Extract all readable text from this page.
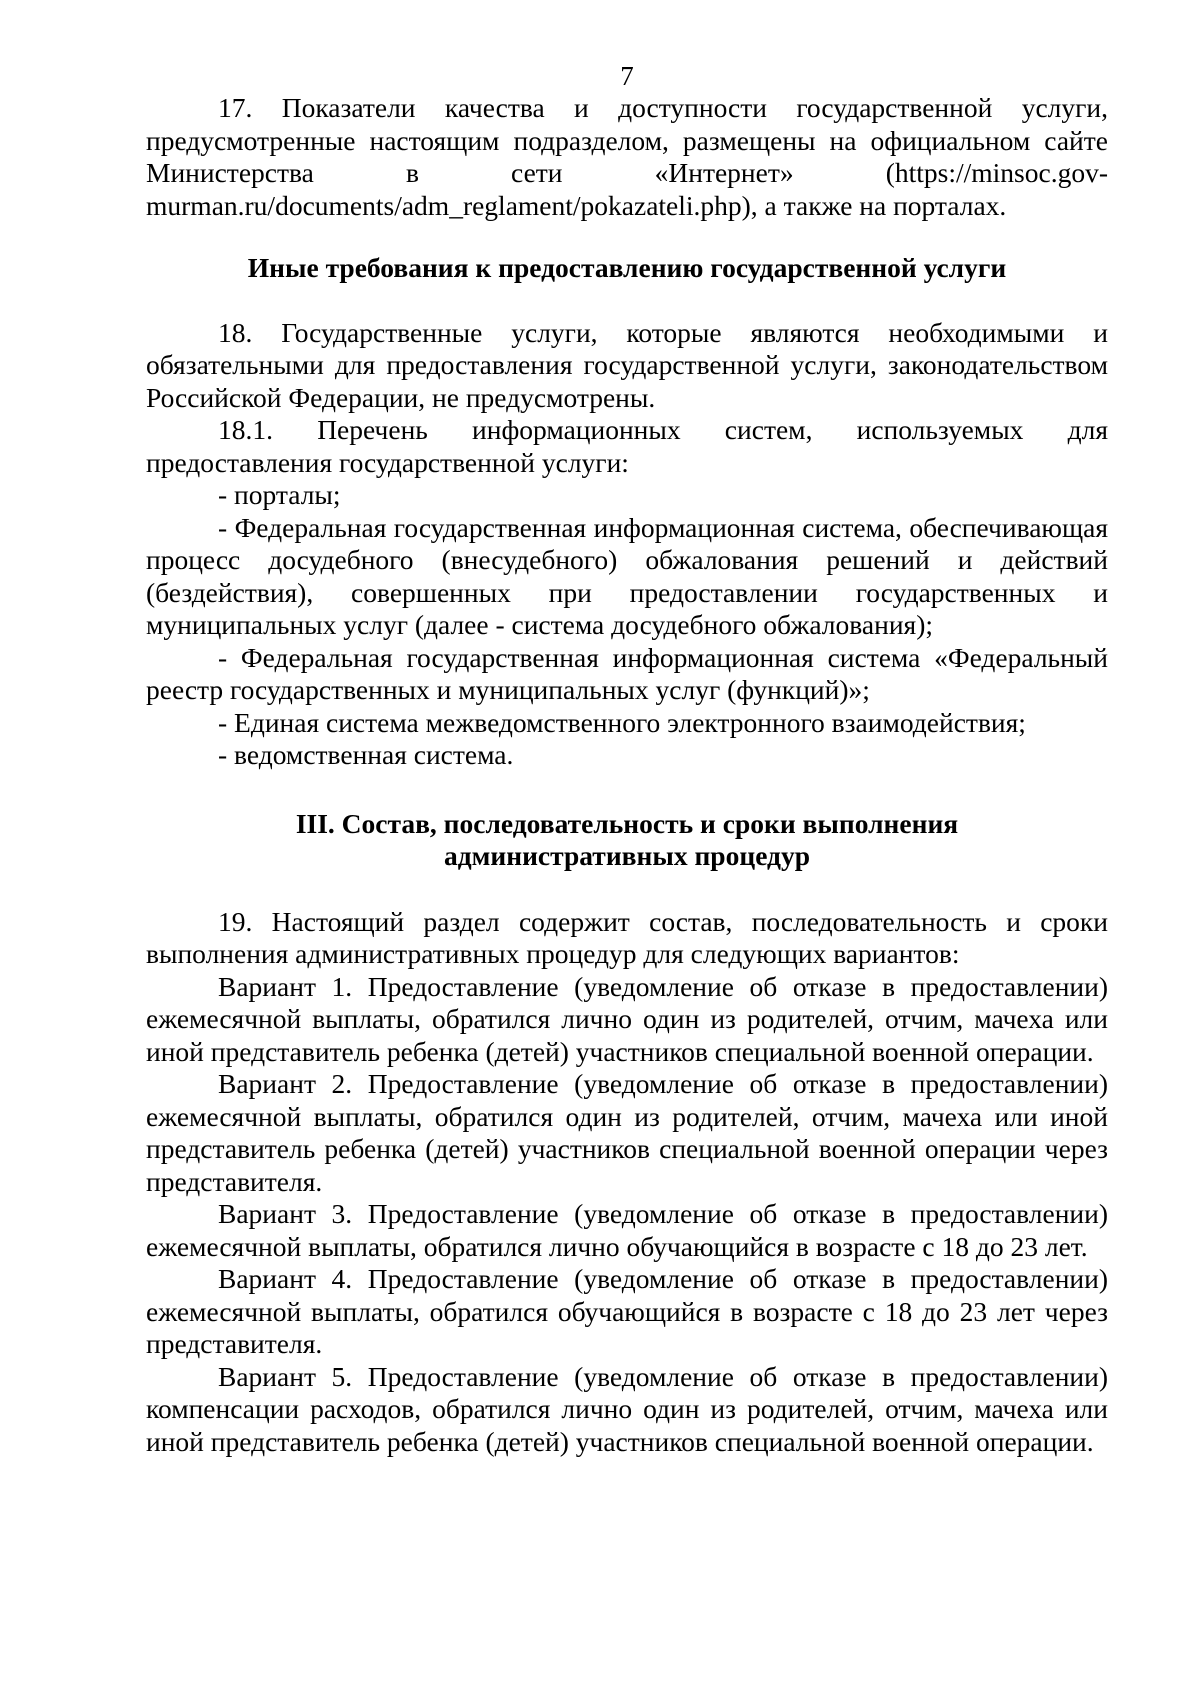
7

17. Показатели качества и доступности государственной услуги, предусмотренные настоящим подразделом, размещены на официальном сайте Министерства в сети «Интернет» (https://minsoc.gov-murman.ru/documents/adm_reglament/pokazateli.php), а также на порталах.

Иные требования к предоставлению государственной услуги

18. Государственные услуги, которые являются необходимыми и обязательными для предоставления государственной услуги, законодательством Российской Федерации, не предусмотрены.

18.1. Перечень информационных систем, используемых для предоставления государственной услуги:

- порталы;

- Федеральная государственная информационная система, обеспечивающая процесс досудебного (внесудебного) обжалования решений и действий (бездействия), совершенных при предоставлении государственных и муниципальных услуг (далее - система досудебного обжалования);

- Федеральная государственная информационная система «Федеральный реестр государственных и муниципальных услуг (функций)»;

- Единая система межведомственного электронного взаимодействия;

- ведомственная система.

III. Состав, последовательность и сроки выполнения
административных процедур

19. Настоящий раздел содержит состав, последовательность и сроки выполнения административных процедур для следующих вариантов:

Вариант 1. Предоставление (уведомление об отказе в предоставлении) ежемесячной выплаты, обратился лично один из родителей, отчим, мачеха или иной представитель ребенка (детей) участников специальной военной операции.

Вариант 2. Предоставление (уведомление об отказе в предоставлении) ежемесячной выплаты, обратился один из родителей, отчим, мачеха или иной представитель ребенка (детей) участников специальной военной операции через представителя.

Вариант 3. Предоставление (уведомление об отказе в предоставлении) ежемесячной выплаты, обратился лично обучающийся в возрасте с 18 до 23 лет.

Вариант 4. Предоставление (уведомление об отказе в предоставлении) ежемесячной выплаты, обратился обучающийся в возрасте с 18 до 23 лет через представителя.

Вариант 5. Предоставление (уведомление об отказе в предоставлении) компенсации расходов, обратился лично один из родителей, отчим, мачеха или иной представитель ребенка (детей) участников специальной военной операции.
